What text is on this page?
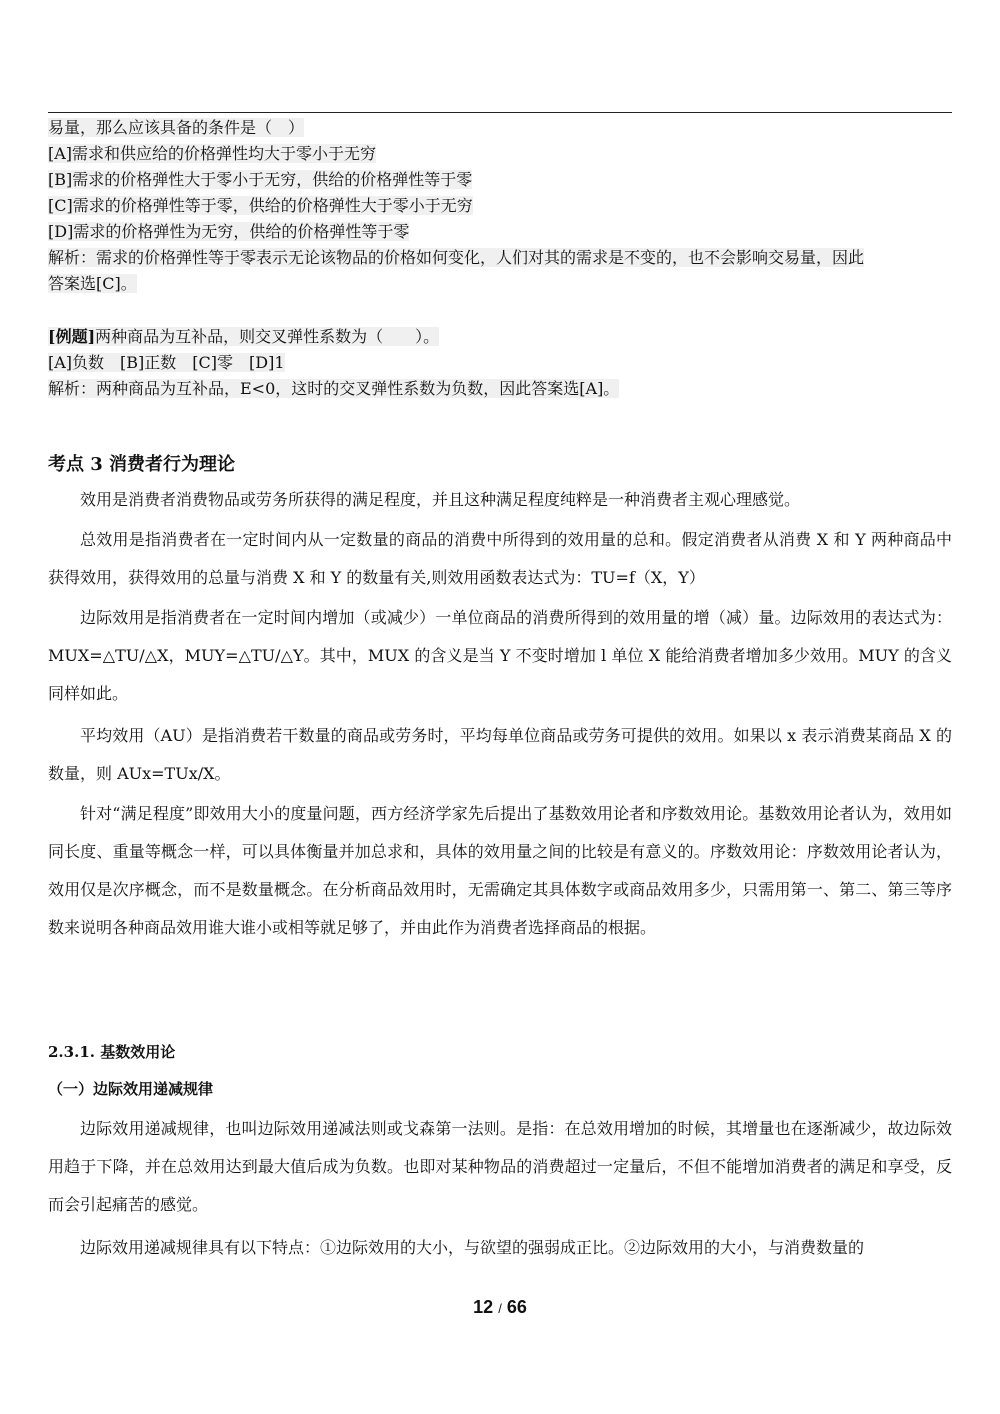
易量，那么应该具备的条件是（　）
[A]需求和供应给的价格弹性均大于零小于无穷
[B]需求的价格弹性大于零小于无穷，供给的价格弹性等于零
[C]需求的价格弹性等于零，供给的价格弹性大于零小于无穷
[D]需求的价格弹性为无穷，供给的价格弹性等于零
解析：需求的价格弹性等于零表示无论该物品的价格如何变化，人们对其的需求是不变的，也不会影响交易量，因此
答案选[C]。
[例题]两种商品为互补品，则交叉弹性系数为（　　）。
[A]负数　[B]正数　[C]零　[D]1
解析：两种商品为互补品，E<0，这时的交叉弹性系数为负数，因此答案选[A]。
考点 3 消费者行为理论
效用是消费者消费物品或劳务所获得的满足程度，并且这种满足程度纯粹是一种消费者主观心理感觉。
总效用是指消费者在一定时间内从一定数量的商品的消费中所得到的效用量的总和。假定消费者从消费 X 和 Y 两种商品中获得效用，获得效用的总量与消费 X 和 Y 的数量有关,则效用函数表达式为：TU=f（X，Y）
边际效用是指消费者在一定时间内增加（或减少）一单位商品的消费所得到的效用量的增（减）量。边际效用的表达式为：MUX=△TU/△X，MUY=△TU/△Y。其中，MUX 的含义是当 Y 不变时增加 l 单位 X 能给消费者增加多少效用。MUY 的含义同样如此。
平均效用（AU）是指消费若干数量的商品或劳务时，平均每单位商品或劳务可提供的效用。如果以 x 表示消费某商品 X 的数量，则 AUx=TUx/X。
针对“满足程度”即效用大小的度量问题，西方经济学家先后提出了基数效用论者和序数效用论。基数效用论者认为，效用如同长度、重量等概念一样，可以具体衡量并加总求和，具体的效用量之间的比较是有意义的。序数效用论：序数效用论者认为，效用仅是次序概念，而不是数量概念。在分析商品效用时，无需确定其具体数字或商品效用多少，只需用第一、第二、第三等序数来说明各种商品效用谁大谁小或相等就足够了，并由此作为消费者选择商品的根据。
2.3.1. 基数效用论
（一）边际效用递减规律
边际效用递减规律，也叫边际效用递减法则或戈森第一法则。是指：在总效用增加的时候，其增量也在逐渐减少，故边际效用趋于下降，并在总效用达到最大值后成为负数。也即对某种物品的消费超过一定量后，不但不能增加消费者的满足和享受，反而会引起痛苦的感觉。
边际效用递减规律具有以下特点：①边际效用的大小，与欲望的强弱成正比。②边际效用的大小，与消费数量的
12 / 66
